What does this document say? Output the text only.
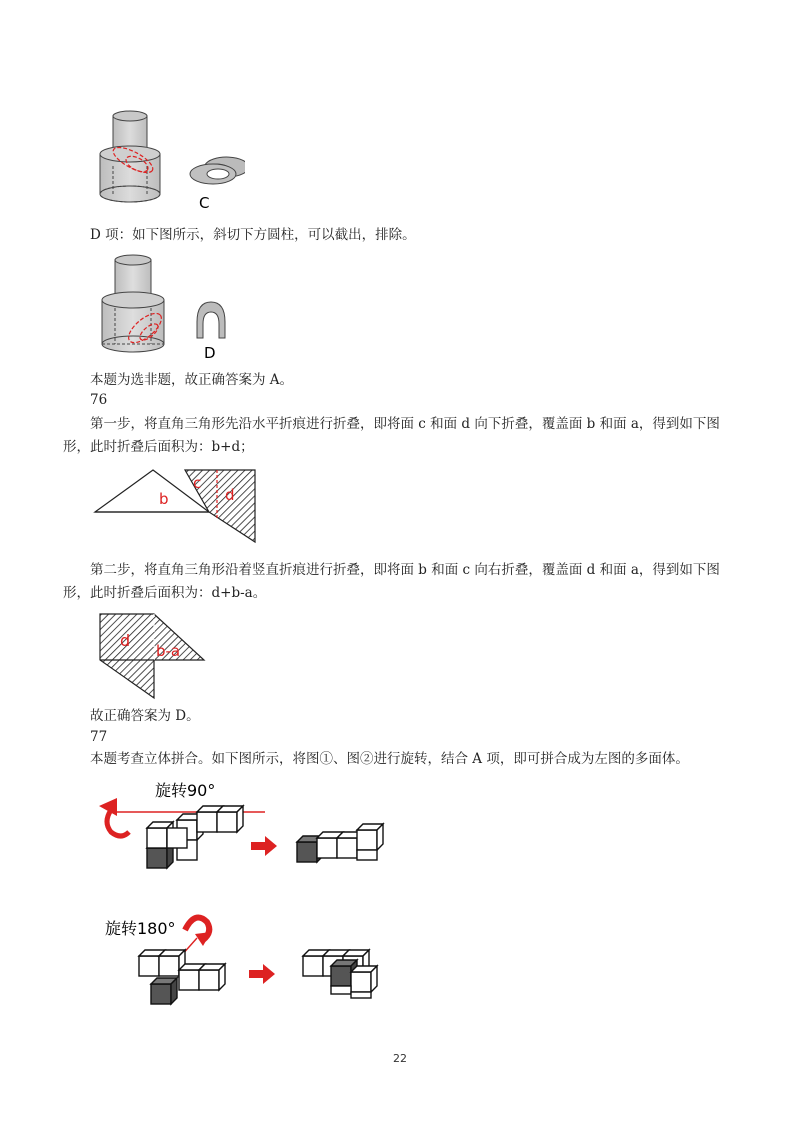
C
D 项：如下图所示，斜切下方圆柱，可以截出，排除。
D
本题为选非题，故正确答案为 A。
76
第一步，将直角三角形先沿水平折痕进行折叠，即将面 c 和面 d 向下折叠，覆盖面 b 和面 a，得到如下图
形，此时折叠后面积为：b+d；
b
c
d
第二步，将直角三角形沿着竖直折痕进行折叠，即将面 b 和面 c 向右折叠，覆盖面 d 和面 a，得到如下图
形，此时折叠后面积为：d+b-a。
d
b-a
故正确答案为 D。
77
本题考查立体拼合。如下图所示，将图①、图②进行旋转，结合 A 项，即可拼合成为左图的多面体。
旋转90°
旋转180°
22
